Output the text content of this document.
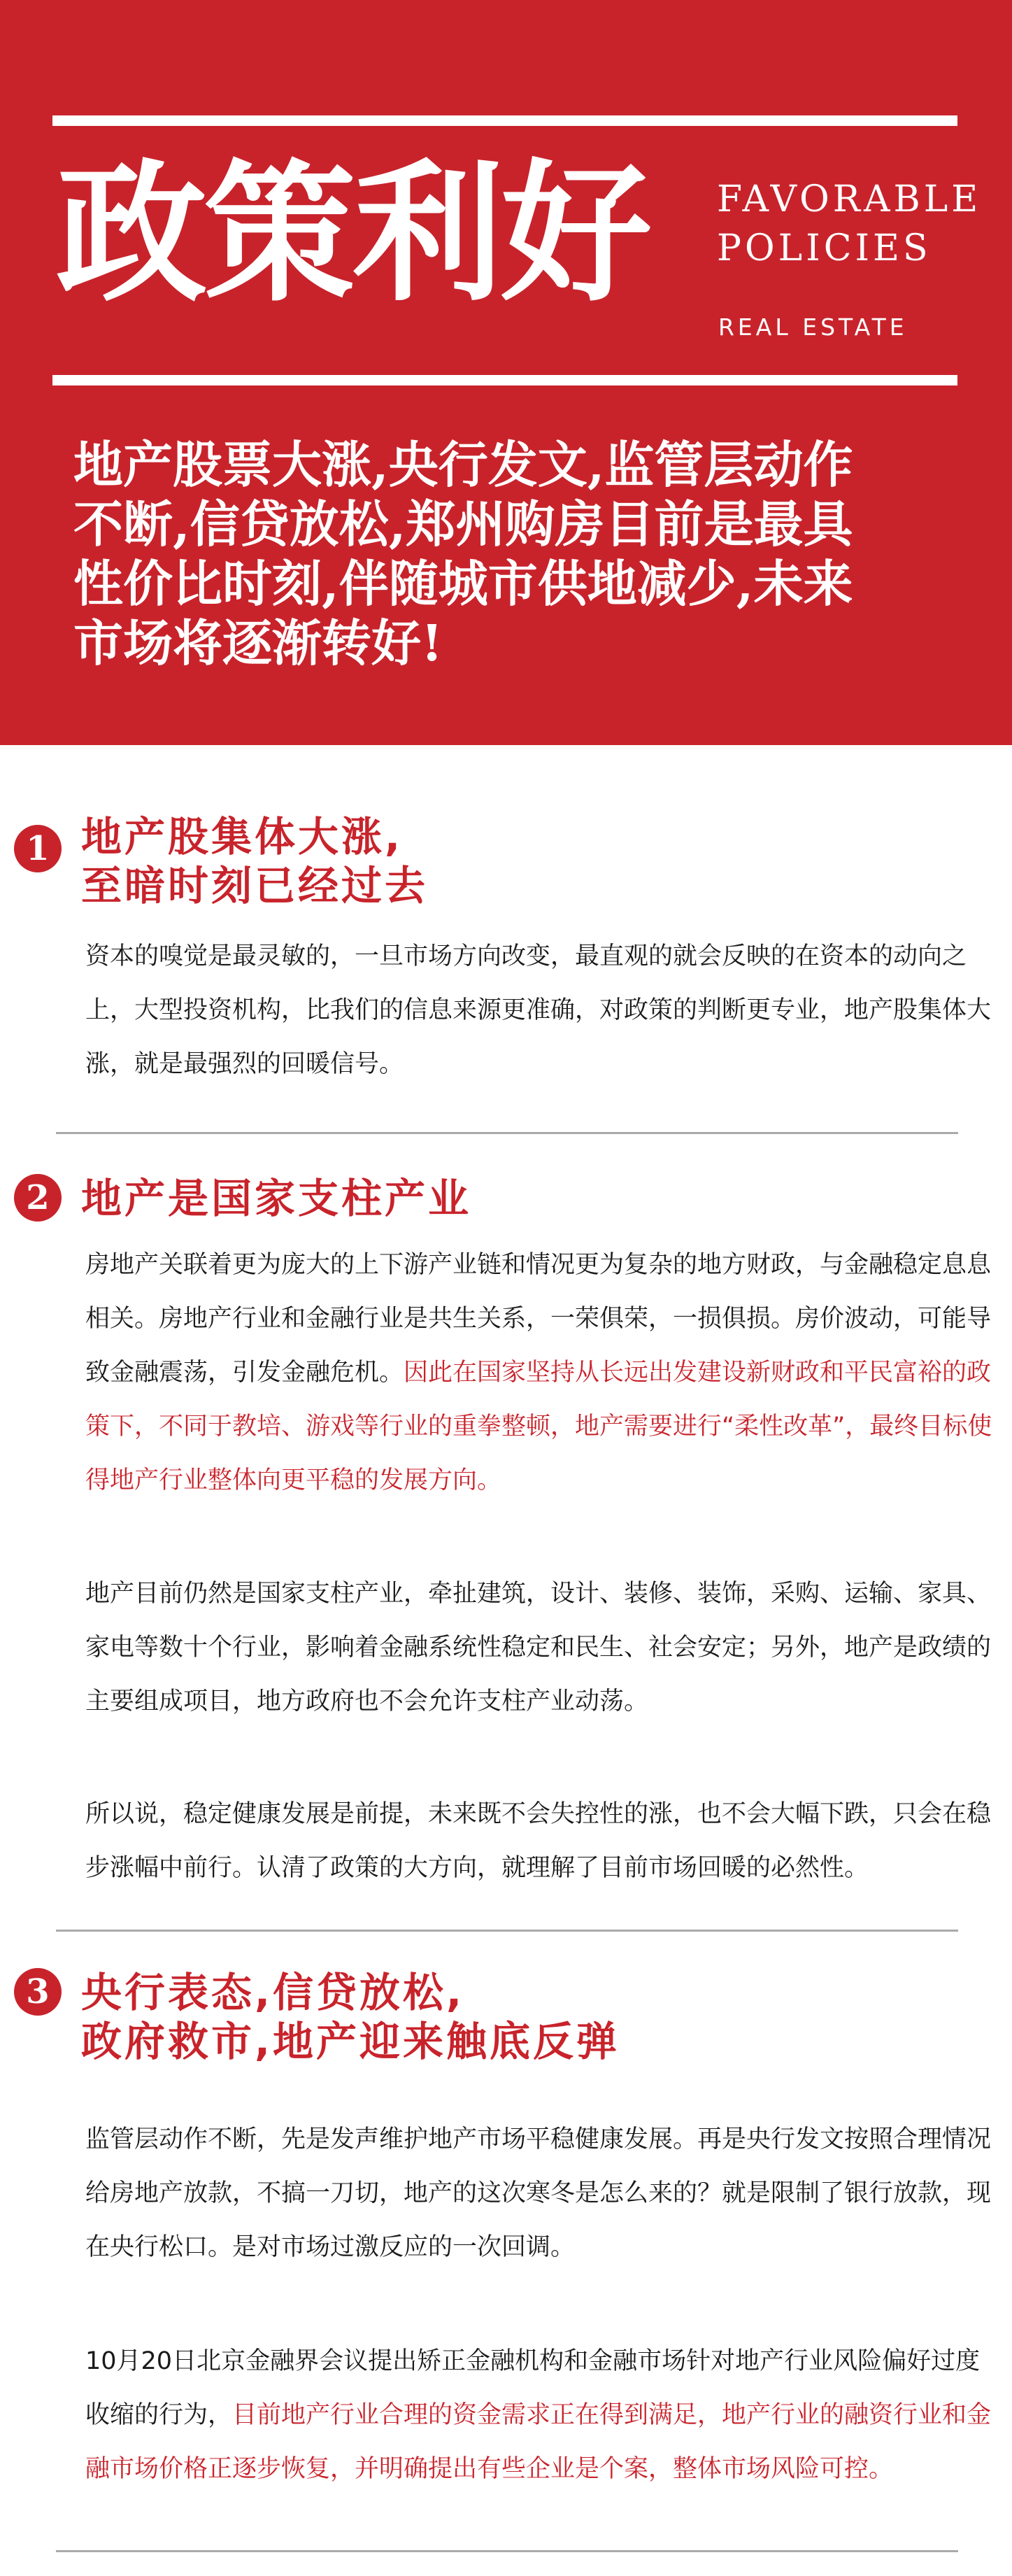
政策利好 FAVORABLE
POLICIES
REAL ESTATE
地产股票大涨,央行发文,监管层动作
不断,信贷放松,郑州购房目前是最具
性价比时刻,伴随城市供地减少,未来
市场将逐渐转好!
1 地产股集体大涨,
至暗时刻已经过去

资本的嗅觉是最灵敏的，一旦市场方向改变，最直观的就会反映的在资本的动向之上，大型投资机构，比我们的信息来源更准确，对政策的判断更专业，地产股集体大涨，就是最强烈的回暖信号。

2 地产是国家支柱产业

房地产关联着更为庞大的上下游产业链和情况更为复杂的地方财政，与金融稳定息息相关。房地产行业和金融行业是共生关系，一荣俱荣，一损俱损。房价波动，可能导致金融震荡，引发金融危机。因此在国家坚持从长远出发建设新财政和平民富裕的政策下，不同于教培、游戏等行业的重拳整顿，地产需要进行“柔性改革”，最终目标使得地产行业整体向更平稳的发展方向。

地产目前仍然是国家支柱产业，牵扯建筑，设计、装修、装饰，采购、运输、家具、家电等数十个行业，影响着金融系统性稳定和民生、社会安定；另外，地产是政绩的主要组成项目，地方政府也不会允许支柱产业动荡。

所以说，稳定健康发展是前提，未来既不会失控性的涨，也不会大幅下跌，只会在稳步涨幅中前行。认清了政策的大方向，就理解了目前市场回暖的必然性。

3 央行表态,信贷放松,
政府救市,地产迎来触底反弹

监管层动作不断，先是发声维护地产市场平稳健康发展。再是央行发文按照合理情况给房地产放款，不搞一刀切，地产的这次寒冬是怎么来的？就是限制了银行放款，现在央行松口。是对市场过激反应的一次回调。

10月20日北京金融界会议提出矫正金融机构和金融市场针对地产行业风险偏好过度收缩的行为，目前地产行业合理的资金需求正在得到满足，地产行业的融资行业和金融市场价格正逐步恢复，并明确提出有些企业是个案，整体市场风险可控。
